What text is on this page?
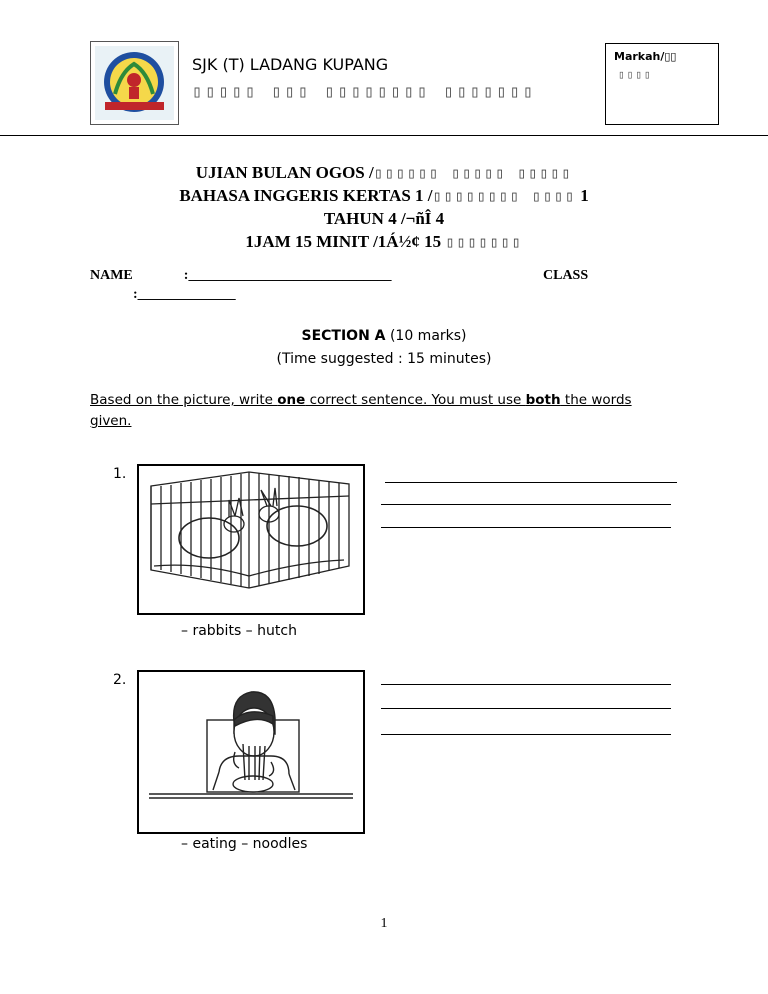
SJK (T) LADANG KUPANG
▯▯▯▯▯ ▯▯▯ ▯▯▯▯▯▯▯▯ ▯▯▯▯▯▯▯
Markah/▯▯
▯▯▯▯
UJIAN BULAN OGOS /▯▯▯▯▯▯ ▯▯▯▯▯ ▯▯▯▯▯
BAHASA INGGERIS KERTAS 1 /▯▯▯▯▯▯▯▯ ▯▯▯▯ 1
TAHUN 4 /¬ñÎ 4
1JAM 15 MINIT /1Á½¢ 15 ▯▯▯▯▯▯▯
NAME	:_____________________________	CLASS
:______________
SECTION A (10 marks)
(Time suggested : 15 minutes)
Based on the picture, write one correct sentence. You must use both the words given.
1.
– rabbits – hutch
2.
– eating – noodles
1
